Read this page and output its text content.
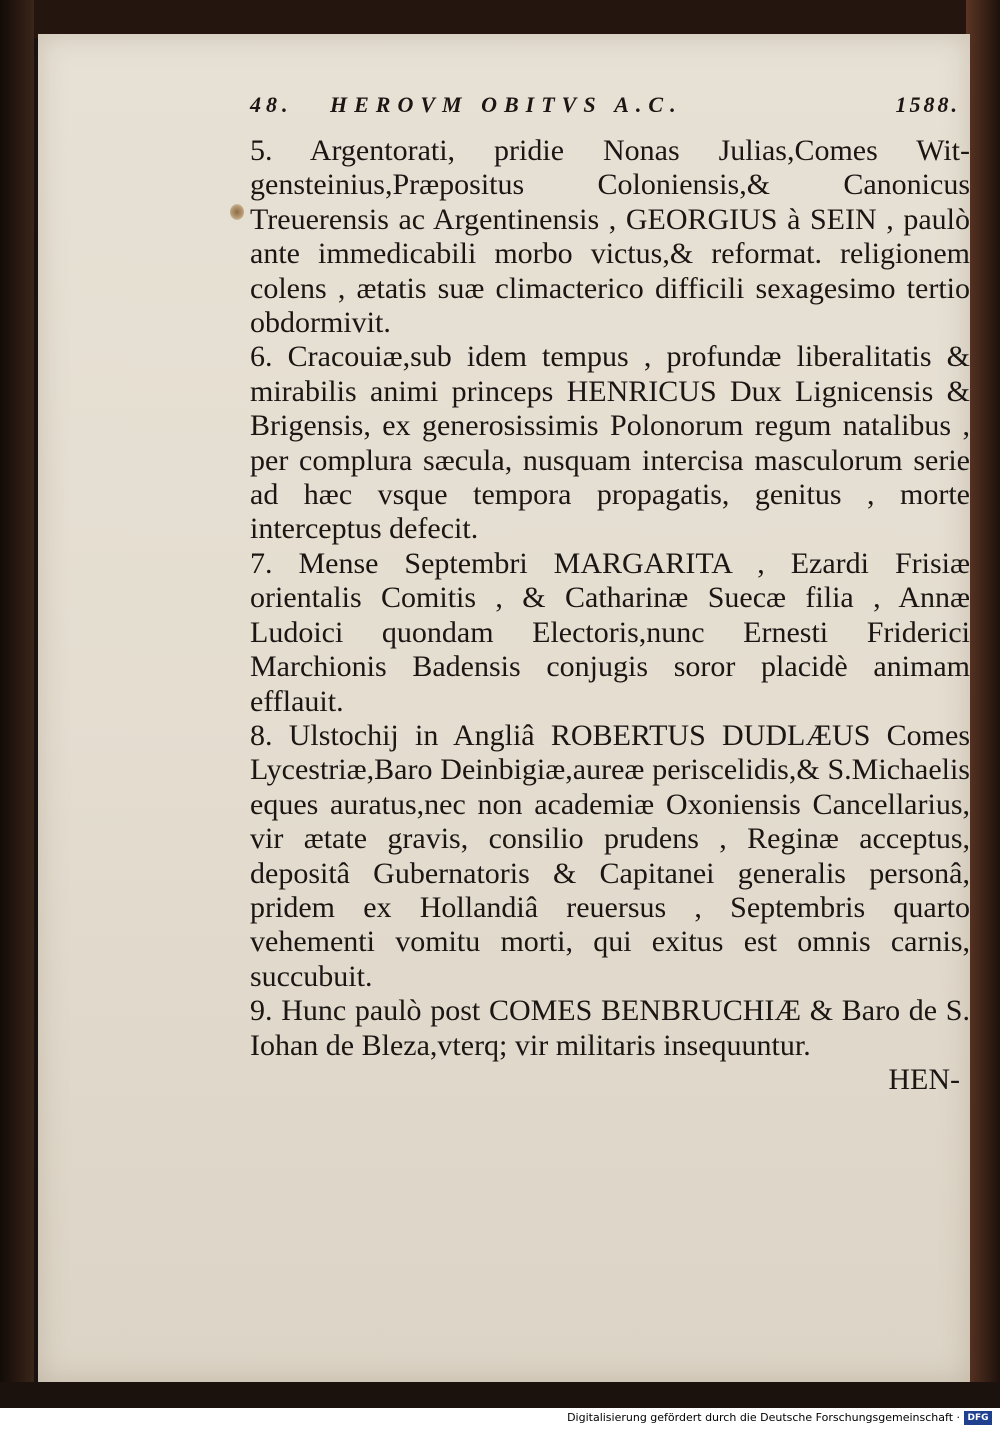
48.	HEROVM OBITVS A.C.	1588.

5. Argentorati, pridie Nonas Julias,Comes Wit-gensteinius,Præpositus Coloniensis,& Canonicus Treuerensis ac Argentinensis , GEORGIUS à SEIN , paulò ante immedicabili morbo victus,& reformat. religionem colens , ætatis suæ climacterico difficili sexagesimo tertio obdormivit.

6. Cracouiæ,sub idem tempus , profundæ liberalitatis & mirabilis animi princeps HENRICUS Dux Lignicensis & Brigensis, ex generosissimis Polonorum regum natalibus , per complura sæcula, nusquam intercisa masculorum serie ad hæc vsque tempora propagatis, genitus , morte interceptus defecit.

7. Mense Septembri MARGARITA , Ezardi Frisiæ orientalis Comitis , & Catharinæ Suecæ filia , Annæ Ludoici quondam Electoris,nunc Ernesti Friderici Marchionis Badensis conjugis soror placidè animam efflauit.

8. Ulstochij in Angliâ ROBERTUS DUDLÆUS Comes Lycestriæ,Baro Deinbigiæ,aureæ periscelidis,& S.Michaelis eques auratus,nec non academiæ Oxoniensis Cancellarius, vir ætate gravis, consilio prudens , Reginæ acceptus, depositâ Gubernatoris & Capitanei generalis personâ, pridem ex Hollandiâ reuersus , Septembris quarto vehementi vomitu morti, qui exitus est omnis carnis, succubuit.

9. Hunc paulò post COMES BENBRUCHIÆ & Baro de S. Iohan de Bleza,vterq; vir militaris insequuntur.

HEN-
Digitalisierung gefördert durch die Deutsche Forschungsgemeinschaft · DFG
